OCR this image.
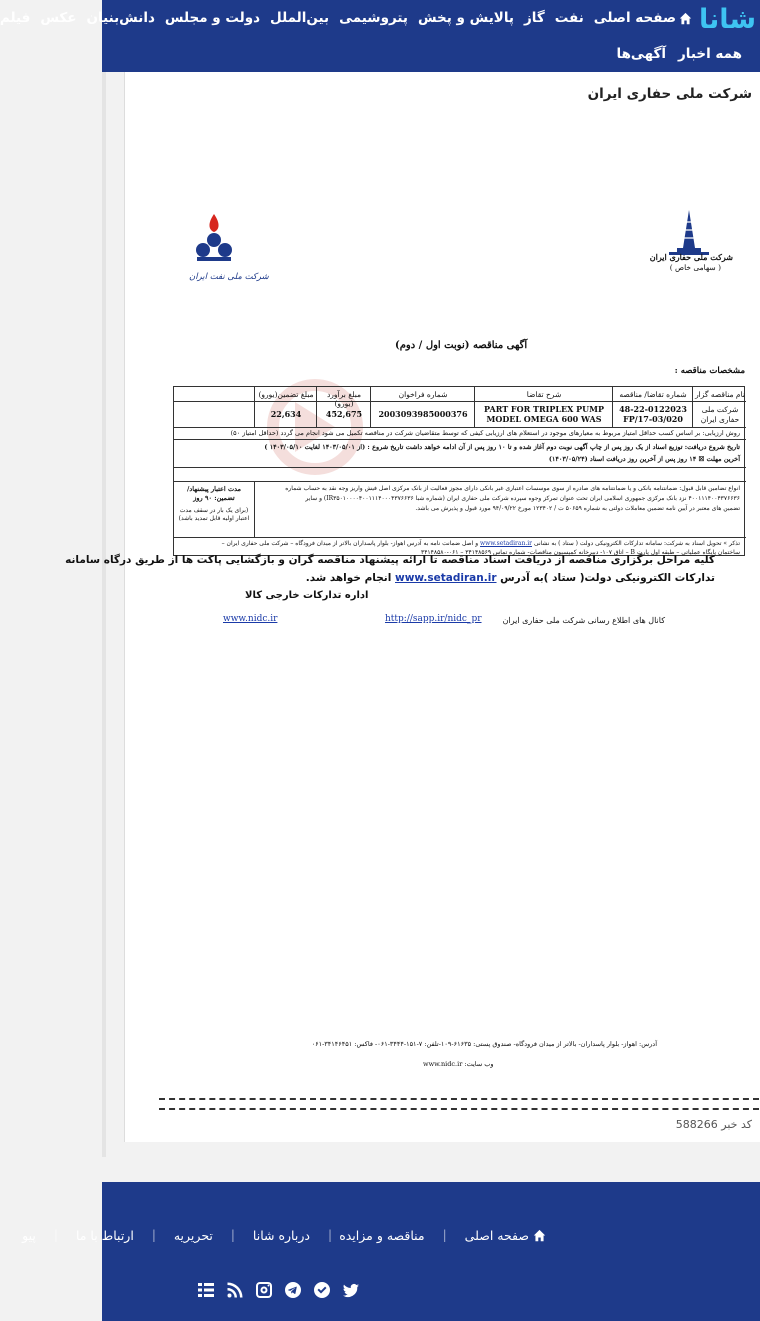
شانا
صفحه اصلی
نفت
گاز
پالایش و پخش
پتروشیمی
بین‌الملل
دولت و مجلس
دانش‌بنیان
عکس
فیلم
همه اخبار
آگهی‌ها
شرکت ملی حفاری ایران
شرکت ملی حفاری ایران
( سهامی خاص )
شرکت ملی نفت ایران
آگهی مناقصه (نوبت اول / دوم)
مشخصات مناقصه :
نام مناقصه گزار
شماره تقاضا/ مناقصه
شرح تقاضا
شماره فراخوان
مبلغ برآورد (یورو)
مبلغ تضمین(یورو)
شرکت ملی حفاری ایران
48-22-0122023
FP/17-03/020
PART FOR TRIPLEX PUMP
MODEL OMEGA 600 WAS
2003093985000376
452,675
22,634
روش ارزیابی: بر اساس کسب حداقل امتیاز مربوط به معیارهای موجود در استعلام های ارزیابی کیفی که توسط متقاضیان شرکت در مناقصه تکمیل می شود انجام می گردد (حداقل امتیاز ۵۰)
تاریخ شروع دریافت: توزیع اسناد از یک روز پس از چاپ آگهی نوبت دوم آغاز شده و تا ۱۰ روز پس از آن ادامه خواهد داشت تاریخ شروع : (از ۱۴۰۳/۰۵/۰۱ لغایت ۱۴۰۳/۰۵/۱۰ )
آخرین مهلت ☒ ۱۴ روز پس از آخرین روز دریافت اسناد (۱۴۰۳/۰۵/۲۴)
مدت اعتبار پیشنهاد/ تضمین: ۹۰ روز
(برای یک بار در سقف مدت اعتبار اولیه قابل تمدید باشد)
انواع تضامین قابل قبول: ضمانتنامه بانکی و یا ضمانتنامه های صادره از سوی موسسات اعتباری غیر بانکی دارای مجوز فعالیت از بانک مرکزی اصل فیش واریز وجه نقد به حساب شماره
۴۰۰۱۱۱۴۰۰۴۳۷۶۶۳۶ نزد بانک مرکزی جمهوری اسلامی ایران تحت عنوان تمرکز وجوه سپرده شرکت ملی حفاری ایران (شماره شبا IR۳۵۰۱۰۰۰۰۴۰۰۱۱۱۴۰۰۰۴۳۷۶۶۳۶) و سایر
تضمین های معتبر در آیین نامه تضمین معاملات دولتی به شماره ۵۰۶۵۹ ت / ۱۲۳۴۰۲ مورخ ۹۴/۰۹/۲۲ مورد قبول و پذیرش می باشد.
تذکر » تحویل اسناد به شرکت: سامانه تدارکات الکترونیکی دولت ( ستاد ) به نشانی www.setadiran.ir و اصل ضمانت نامه به آدرس اهواز- بلوار پاسداران بالاتر از میدان فرودگاه – شرکت ملی حفاری ایران –
ساختمان پایگاه عملیاتی – طبقه اول پارت B – اتاق ۱۰۷- دبیرخانه کمیسیون مناقصات- شماره تماس ۳۴۱۴۸۵۶۹ – ۰۶۱-۳۴۱۴۸۵۸۰
کلیه مراحل برگزاری مناقصه از دریافت اسناد مناقصه تا ارائه پیشنهاد مناقصه گران و بازگشایی پاکت ها از طریق درگاه سامانه
تدارکات الکترونیکی دولت( ستاد )به آدرس www.setadiran.ir انجام خواهد شد.
اداره تدارکات خارجی کالا
کانال های اطلاع رسانی شرکت ملی حفاری ایران
http://sapp.ir/nidc_pr
www.nidc.ir
آدرس: اهواز- بلوار پاسداران- بالاتر از میدان فرودگاه- صندوق پستی: ۶۱۶۳۵-۱۰۹-تلفن: ۷-۱۵۱-۳۴۴۴-۰۶۱- فاکس: ۳۴۱۴۶۴۵۱-۰۶۱
وب سایت: www.nidc.ir
کد خبر 588266
صفحه اصلی
|
مناقصه و مزایده
|
درباره شانا
|
تحریریه
|
ارتباط با ما
|
پیو
